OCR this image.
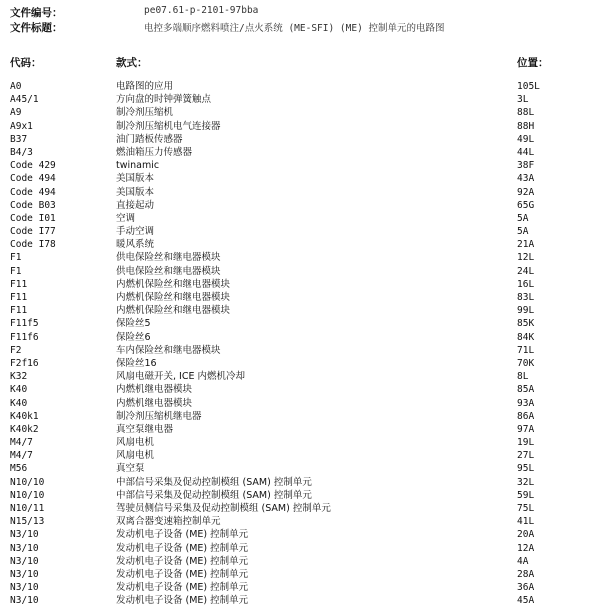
文件编号：	pe07.61-p-2101-97bba
文件标题：	电控多端顺序燃料喷注/点火系统 (ME-SFI) (ME) 控制单元的电路图
代码：	款式：	位置：
A0	电路图的应用	105L
A45/1	方向盘的时钟弹簧触点	3L
A9	制冷剂压缩机	88L
A9x1	制冷剂压缩机电气连接器	88H
B37	油门踏板传感器	49L
B4/3	燃油箱压力传感器	44L
Code 429	twinamic	38F
Code 494	美国版本	43A
Code 494	美国版本	92A
Code B03	直接起动	65G
Code I01	空调	5A
Code I77	手动空调	5A
Code I78	暖风系统	21A
F1	供电保险丝和继电器模块	12L
F1	供电保险丝和继电器模块	24L
F11	内燃机保险丝和继电器模块	16L
F11	内燃机保险丝和继电器模块	83L
F11	内燃机保险丝和继电器模块	99L
F11f5	保险丝5	85K
F11f6	保险丝6	84K
F2	车内保险丝和继电器模块	71L
F2f16	保险丝16	70K
K32	风扇电磁开关, ICE 内燃机冷却	8L
K40	内燃机继电器模块	85A
K40	内燃机继电器模块	93A
K40k1	制冷剂压缩机继电器	86A
K40k2	真空泵继电器	97A
M4/7	风扇电机	19L
M4/7	风扇电机	27L
M56	真空泵	95L
N10/10	中部信号采集及促动控制模组 (SAM) 控制单元	32L
N10/10	中部信号采集及促动控制模组 (SAM) 控制单元	59L
N10/11	驾驶员侧信号采集及促动控制模组 (SAM) 控制单元	75L
N15/13	双离合器变速箱控制单元	41L
N3/10	发动机电子设备 (ME) 控制单元	20A
N3/10	发动机电子设备 (ME) 控制单元	12A
N3/10	发动机电子设备 (ME) 控制单元	4A
N3/10	发动机电子设备 (ME) 控制单元	28A
N3/10	发动机电子设备 (ME) 控制单元	36A
N3/10	发动机电子设备 (ME) 控制单元	45A
